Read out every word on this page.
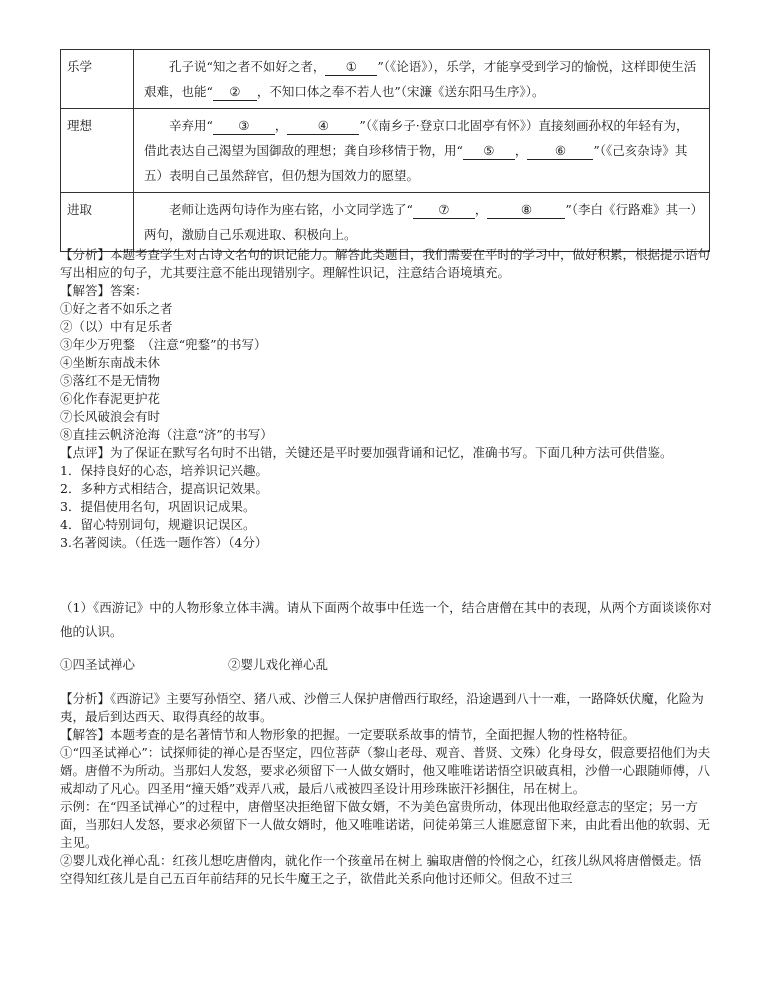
乐学	孔子说“知之者不如好之者， ① ”（《论语》），乐学，才能享受到学习的愉悦，这样即使生活艰难，也能“ ② ，不知口体之奉不若人也”（宋濂《送东阳马生序》）。
理想	辛弃用“ ③ ， ④ ”（《南乡子·登京口北固亭有怀》）直接刻画孙权的年轻有为，借此表达自己渴望为国御敌的理想；龚自珍移情于物，用“ ⑤ ， ⑥ ”（《己亥杂诗》其五）表明自己虽然辞官，但仍想为国效力的愿望。
进取	老师让选两句诗作为座右铭，小文同学选了“ ⑦ ， ⑧ ”（李白《行路难》其一）两句，激励自己乐观进取、积极向上。
【分析】本题考查学生对古诗文名句的识记能力。解答此类题目，我们需要在平时的学习中，做好积累，根据提示语句写出相应的句子，尤其要注意不能出现错别字。理解性识记，注意结合语境填充。
【解答】答案：
①好之者不如乐之者
②（以）中有足乐者
③年少万兜鍪　（注意“兜鍪”的书写）
④坐断东南战未休
⑤落红不是无情物
⑥化作春泥更护花
⑦长风破浪会有时
⑧直挂云帆济沧海（注意“济”的书写）
【点评】为了保证在默写名句时不出错，关键还是平时要加强背诵和记忆，准确书写。下面几种方法可供借鉴。
1．保持良好的心态，培养识记兴趣。
2．多种方式相结合，提高识记效果。
3．提倡使用名句，巩固识记成果。
4．留心特别词句，规避识记误区。
3.名著阅读。（任选一题作答）（4分）
（1）《西游记》中的人物形象立体丰满。请从下面两个故事中任选一个，结合唐僧在其中的表现，从两个方面谈谈你对他的认识。
①四圣试禅心	②婴儿戏化禅心乱
【分析】《西游记》主要写孙悟空、猪八戒、沙僧三人保护唐僧西行取经，沿途遇到八十一难，一路降妖伏魔，化险为夷，最后到达西天、取得真经的故事。
【解答】本题考查的是名著情节和人物形象的把握。一定要联系故事的情节，全面把握人物的性格特征。
①“四圣试禅心”：试探师徒的禅心是否坚定，四位菩萨（黎山老母、观音、普贤、文殊）化身母女，假意要招他们为夫婿。唐僧不为所动。当那妇人发怒，要求必须留下一人做女婿时，他又唯唯诺诺悟空识破真相，沙僧一心跟随师傅，八戒却动了凡心。四圣用“撞天婚”戏弄八戒，最后八戒被四圣设计用珍珠嵌汗衫捆住，吊在树上。
示例：在“四圣试禅心”的过程中，唐僧坚决拒绝留下做女婿，不为美色富贵所动，体现出他取经意志的坚定；另一方面，当那妇人发怒，要求必须留下一人做女婿时，他又唯唯诺诺，问徒弟第三人谁愿意留下来，由此看出他的软弱、无主见。
②婴儿戏化禅心乱：红孩儿想吃唐僧肉，就化作一个孩童吊在树上 骗取唐僧的怜悯之心，红孩儿纵风将唐僧慑走。悟空得知红孩儿是自己五百年前结拜的兄长牛魔王之子，欲借此关系向他讨还师父。但敌不过三
